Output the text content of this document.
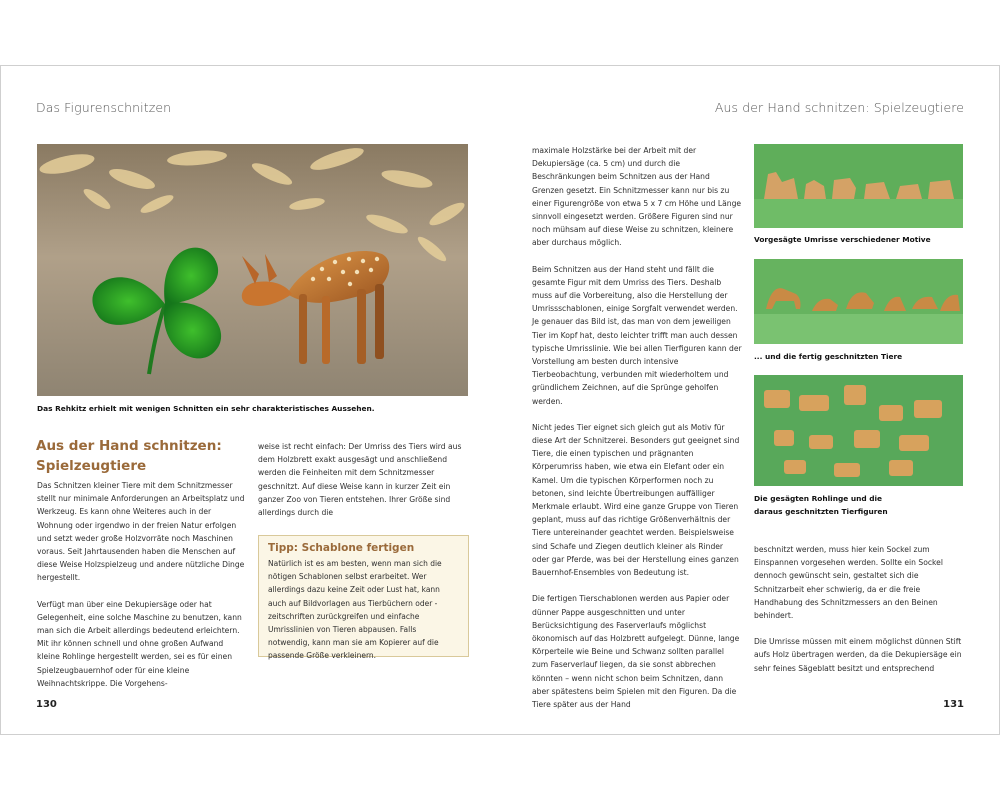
Das Figurenschnitzen	Aus der Hand schnitzen: Spielzeugtiere
Das Rehkitz erhielt mit wenigen Schnitten ein sehr charakteristisches Aussehen.
Aus der Hand schnitzen:
Spielzeugtiere

Das Schnitzen kleiner Tiere mit dem Schnitzmesser stellt nur minimale Anforderungen an Arbeitsplatz und Werkzeug. Es kann ohne Weiteres auch in der Wohnung oder irgendwo in der freien Natur erfolgen und setzt weder große Holzvorräte noch Maschinen voraus. Seit Jahrtausenden haben die Menschen auf diese Weise Holzspielzeug und andere nützliche Dinge hergestellt.

Verfügt man über eine Dekupiersäge oder hat Gelegenheit, eine solche Maschine zu benutzen, kann man sich die Arbeit allerdings bedeutend erleichtern. Mit ihr können schnell und ohne großen Aufwand kleine Rohlinge hergestellt werden, sei es für einen Spielzeugbauernhof oder für eine kleine Weihnachtskrippe. Die Vorgehens-

weise ist recht einfach: Der Umriss des Tiers wird aus dem Holzbrett exakt ausgesägt und anschließend werden die Feinheiten mit dem Schnitzmesser geschnitzt. Auf diese Weise kann in kurzer Zeit ein ganzer Zoo von Tieren entstehen. Ihrer Größe sind allerdings durch die

Tipp: Schablone fertigen
Natürlich ist es am besten, wenn man sich die nötigen Schablonen selbst erarbeitet. Wer allerdings dazu keine Zeit oder Lust hat, kann auch auf Bildvorlagen aus Tierbüchern oder -zeitschriften zurückgreifen und einfache Umrisslinien von Tieren abpausen. Falls notwendig, kann man sie am Kopierer auf die passende Größe verkleinern.

maximale Holzstärke bei der Arbeit mit der Dekupiersäge (ca. 5 cm) und durch die Beschränkungen beim Schnitzen aus der Hand Grenzen gesetzt. Ein Schnitzmesser kann nur bis zu einer Figurengröße von etwa 5 x 7 cm Höhe und Länge sinnvoll eingesetzt werden. Größere Figuren sind nur noch mühsam auf diese Weise zu schnitzen, kleinere aber durchaus möglich.

Beim Schnitzen aus der Hand steht und fällt die gesamte Figur mit dem Umriss des Tiers. Deshalb muss auf die Vorbereitung, also die Herstellung der Umrissschablonen, einige Sorgfalt verwendet werden. Je genauer das Bild ist, das man von dem jeweiligen Tier im Kopf hat, desto leichter trifft man auch dessen typische Umrisslinie. Wie bei allen Tierfiguren kann der Vorstellung am besten durch intensive Tierbeobachtung, verbunden mit wiederholtem und gründlichem Zeichnen, auf die Sprünge geholfen werden.

Nicht jedes Tier eignet sich gleich gut als Motiv für diese Art der Schnitzerei. Besonders gut geeignet sind Tiere, die einen typischen und prägnanten Körperumriss haben, wie etwa ein Elefant oder ein Kamel. Um die typischen Körperformen noch zu betonen, sind leichte Übertreibungen auffälliger Merkmale erlaubt. Wird eine ganze Gruppe von Tieren geplant, muss auf das richtige Größenverhältnis der Tiere untereinander geachtet werden. Beispielsweise sind Schafe und Ziegen deutlich kleiner als Rinder oder gar Pferde, was bei der Herstellung eines ganzen Bauernhof-Ensembles von Bedeutung ist.

Die fertigen Tierschablonen werden aus Papier oder dünner Pappe ausgeschnitten und unter Berücksichtigung des Faserverlaufs möglichst ökonomisch auf das Holzbrett aufgelegt. Dünne, lange Körperteile wie Beine und Schwanz sollten parallel zum Faserverlauf liegen, da sie sonst abbrechen könnten – wenn nicht schon beim Schnitzen, dann aber spätestens beim Spielen mit den Figuren. Da die Tiere später aus der Hand

Vorgesägte Umrisse verschiedener Motive
... und die fertig geschnitzten Tiere
Die gesägten Rohlinge und die
daraus geschnitzten Tierfiguren

beschnitzt werden, muss hier kein Sockel zum Einspannen vorgesehen werden. Sollte ein Sockel dennoch gewünscht sein, gestaltet sich die Schnitzarbeit eher schwierig, da er die freie Handhabung des Schnitzmessers an den Beinen behindert.

Die Umrisse müssen mit einem möglichst dünnen Stift aufs Holz übertragen werden, da die Dekupiersäge ein sehr feines Sägeblatt besitzt und entsprechend

130	131
